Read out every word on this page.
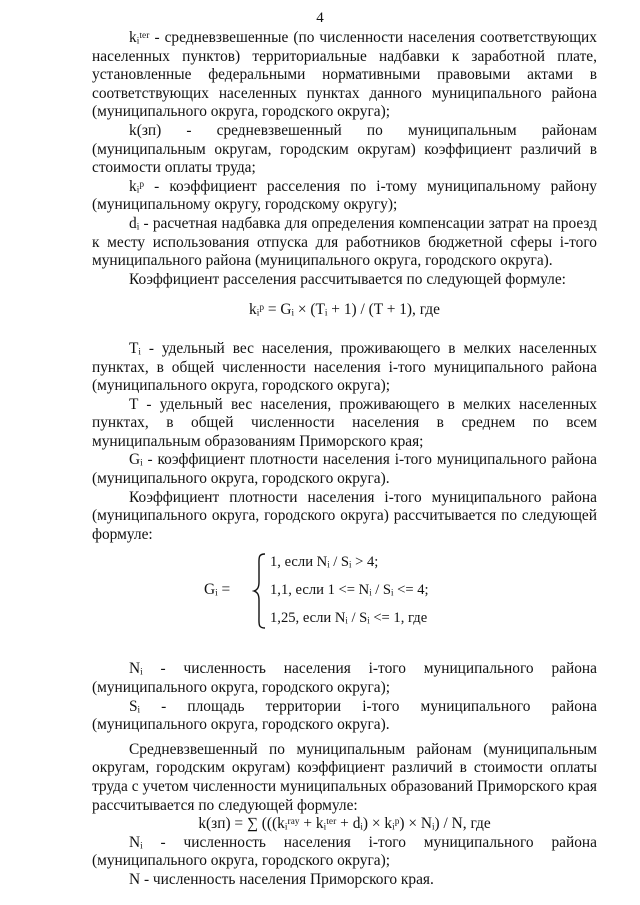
4

kᵢᵗᵉʳ - средневзвешенные (по численности населения соответствующих населенных пунктов) территориальные надбавки к заработной плате, установленные федеральными нормативными правовыми актами в соответствующих населенных пунктах данного муниципального района (муниципального округа, городского округа);

k(зп) - средневзвешенный по муниципальным районам (муниципальным округам, городским округам) коэффициент различий в стоимости оплаты труда;

kᵢᵖ - коэффициент расселения по i-тому муниципальному району (муниципальному округу, городскому округу);

dᵢ - расчетная надбавка для определения компенсации затрат на проезд к месту использования отпуска для работников бюджетной сферы i-того муниципального района (муниципального округа, городского округа).

Коэффициент расселения рассчитывается по следующей формуле:

kᵢᵖ = Gᵢ × (Tᵢ + 1) / (T + 1), где

Tᵢ - удельный вес населения, проживающего в мелких населенных пунктах, в общей численности населения i-того муниципального района (муниципального округа, городского округа);

T - удельный вес населения, проживающего в мелких населенных пунктах, в общей численности населения в среднем по всем муниципальным образованиям Приморского края;

Gᵢ - коэффициент плотности населения i-того муниципального района (муниципального округа, городского округа).

Коэффициент плотности населения i-того муниципального района (муниципального округа, городского округа) рассчитывается по следующей формуле:

Gᵢ =
1, если Nᵢ / Sᵢ > 4;
1,1, если 1 <= Nᵢ / Sᵢ <= 4;
1,25, если Nᵢ / Sᵢ <= 1, где

Nᵢ - численность населения i-того муниципального района (муниципального округа, городского округа);

Sᵢ - площадь территории i-того муниципального района (муниципального округа, городского округа).

Средневзвешенный по муниципальным районам (муниципальным округам, городским округам) коэффициент различий в стоимости оплаты труда с учетом численности муниципальных образований Приморского края рассчитывается по следующей формуле:

k(зп) = ∑ (((kᵢʳᵃʸ + kᵢᵗᵉʳ + dᵢ) × kᵢᵖ) × Nᵢ) / N, где

Nᵢ - численность населения i-того муниципального района (муниципального округа, городского округа);

N - численность населения Приморского края.
